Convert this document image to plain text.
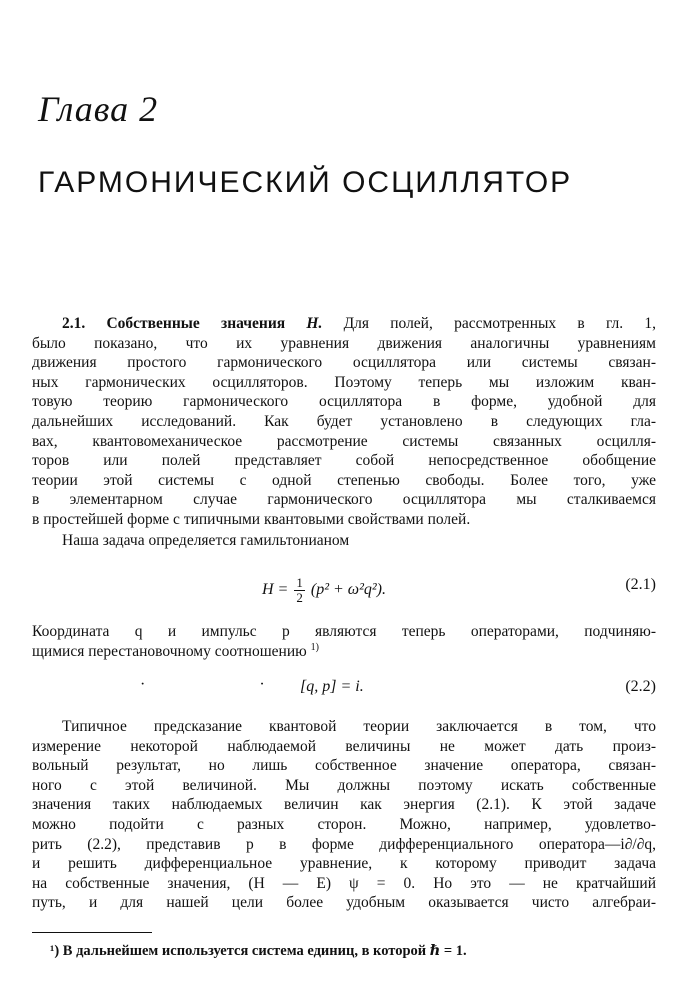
Глава 2
ГАРМОНИЧЕСКИЙ ОСЦИЛЛЯТОР
2.1. Собственные значения H. Для полей, рассмотренных в гл. 1,
было показано, что их уравнения движения аналогичны уравнениям
движения простого гармонического осциллятора или системы связан-
ных гармонических осцилляторов. Поэтому теперь мы изложим кван-
товую теорию гармонического осциллятора в форме, удобной для
дальнейших исследований. Как будет установлено в следующих гла-
вах, квантовомеханическое рассмотрение системы связанных осцилля-
торов или полей представляет собой непосредственное обобщение
теории этой системы с одной степенью свободы. Более того, уже
в элементарном случае гармонического осциллятора мы сталкиваемся
в простейшей форме с типичными квантовыми свойствами полей.
Наша задача определяется гамильтонианом
$H = \frac{1}{2} (p^2 + \omega^2q^2)$.	(2.1)
Координата q и импульс p являются теперь операторами, подчиняю-
щимися перестановочному соотношению $^{1)}$
· ·
[q, p] = i.	(2.2)
Типичное предсказание квантовой теории заключается в том, что
измерение некоторой наблюдаемой величины не может дать произ-
вольный результат, но лишь собственное значение оператора, связан-
ного с этой величиной. Мы должны поэтому искать собственные
значения таких наблюдаемых величин как энергия (2.1). К этой задаче
можно подойти с разных сторон. Можно, например, удовлетво-
рить (2.2), представив p в форме дифференциального оператора—i∂/∂q,
и решить дифференциальное уравнение, к которому приводит задача
на собственные значения, (H — E) ψ = 0. Но это — не кратчайший
путь, и для нашей цели более удобным оказывается чисто алгебраи-
¹) В дальнейшем используется система единиц, в которой ℏ = 1.
